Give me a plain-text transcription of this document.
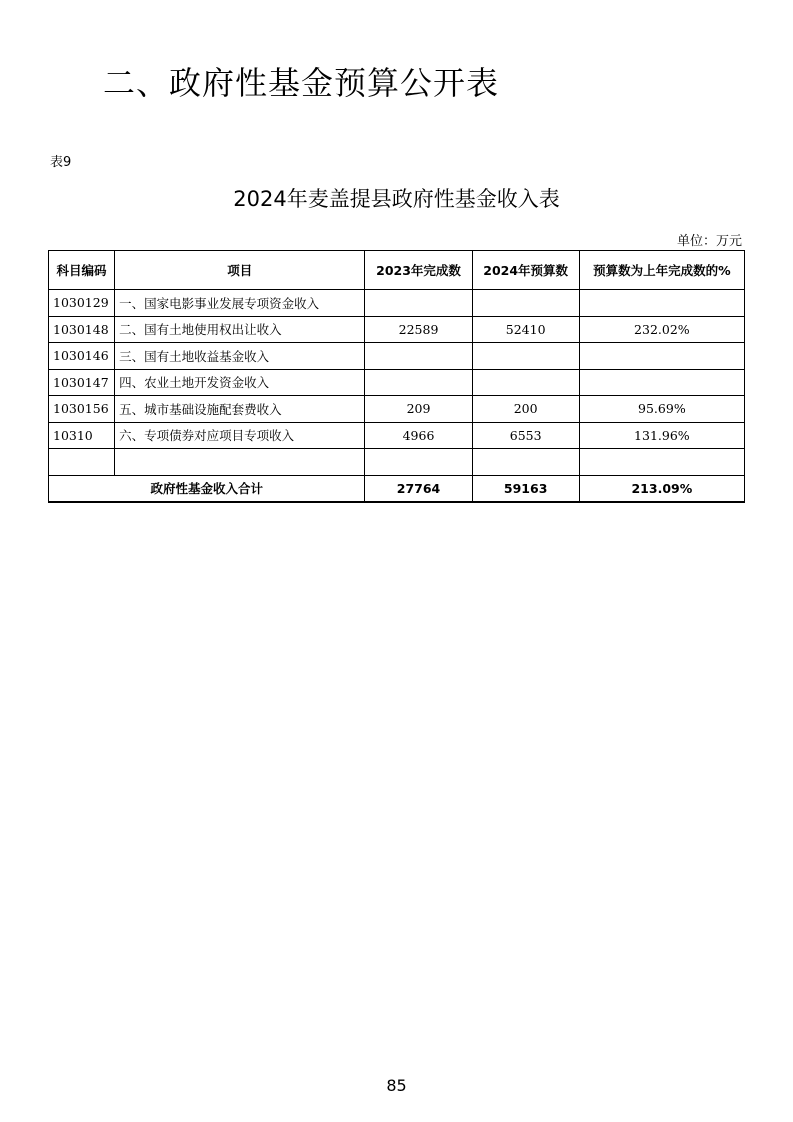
二、政府性基金预算公开表
表9
2024年麦盖提县政府性基金收入表
单位：万元
科目编码	项目	2023年完成数	2024年预算数	预算数为上年完成数的%
1030129	一、国家电影事业发展专项资金收入			
1030148	二、国有土地使用权出让收入	22589	52410	232.02%
1030146	三、国有土地收益基金收入			
1030147	四、农业土地开发资金收入			
1030156	五、城市基础设施配套费收入	209	200	95.69%
10310	六、专项债券对应项目专项收入	4966	6553	131.96%

政府性基金收入合计		27764	59163	213.09%
85
